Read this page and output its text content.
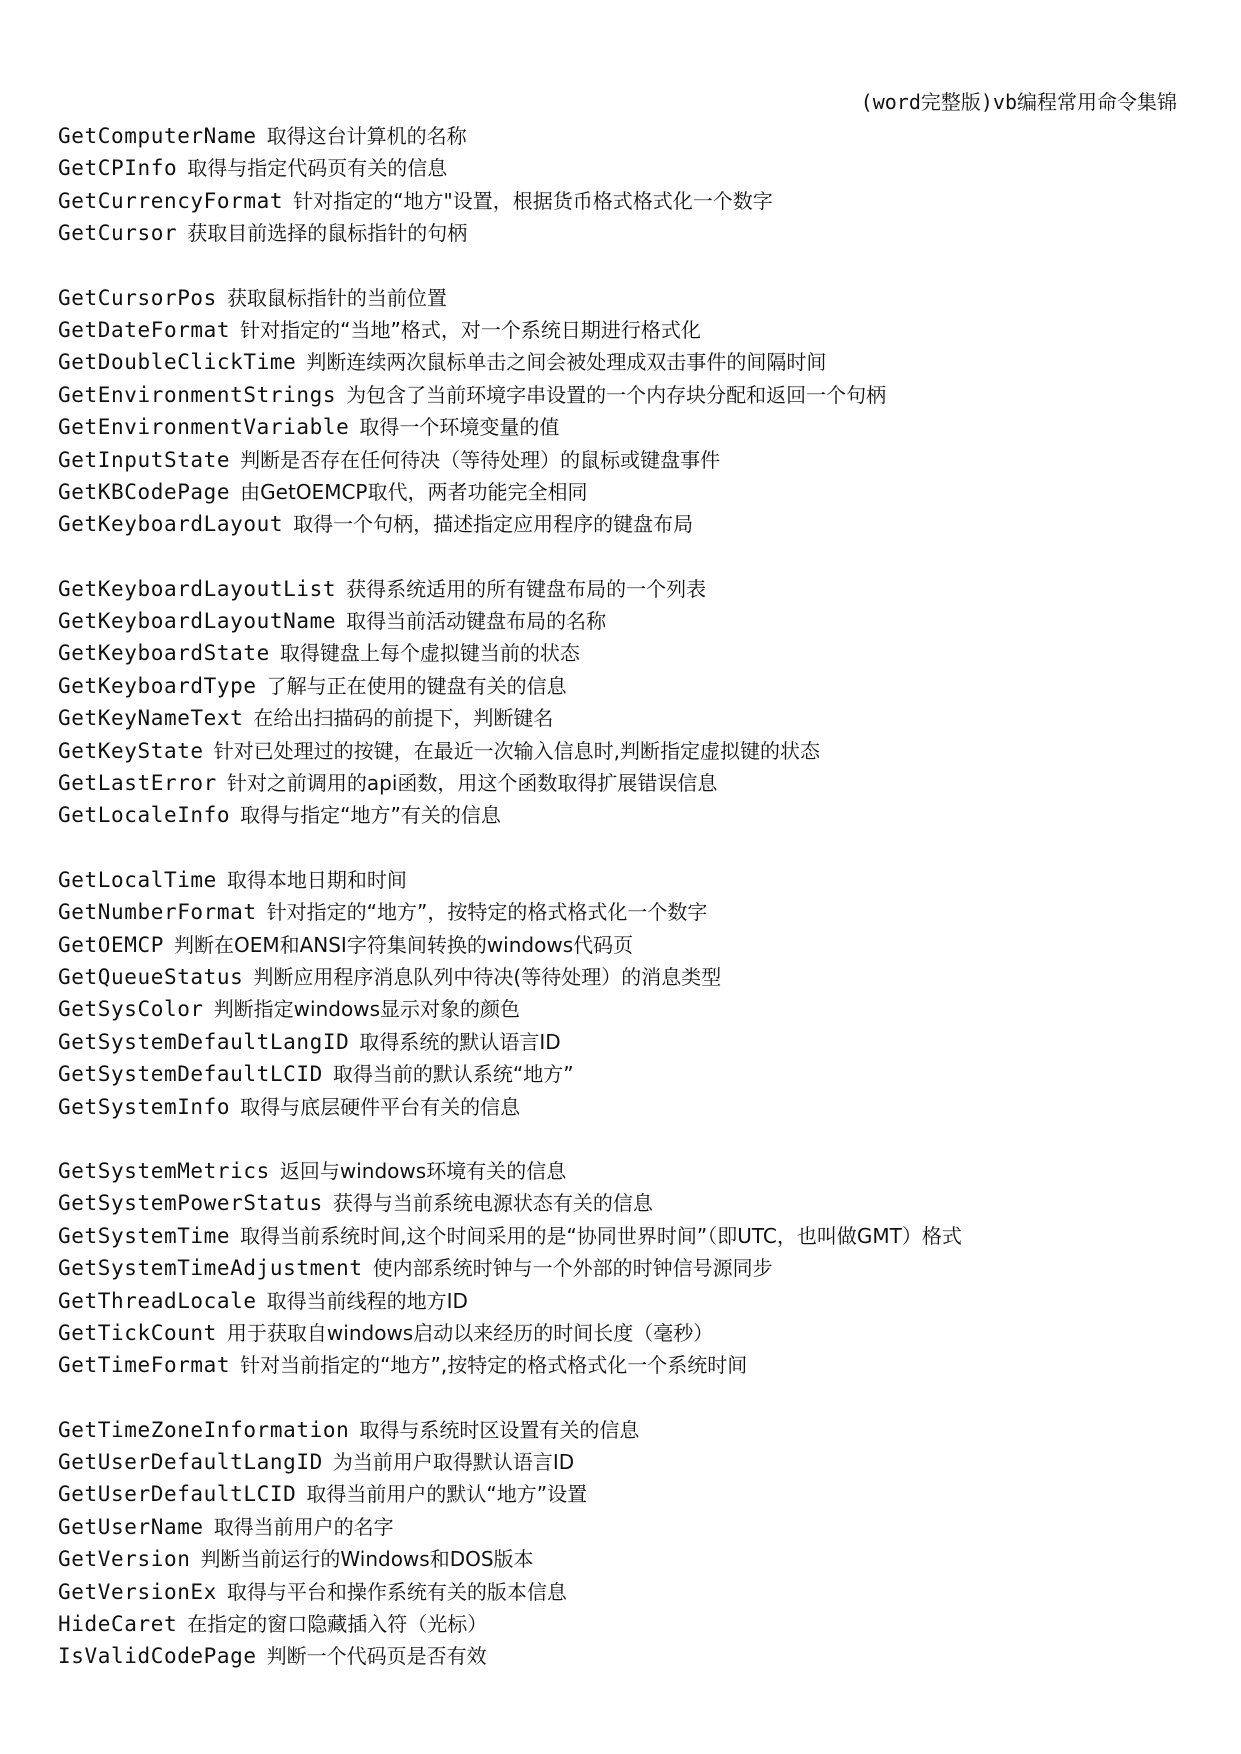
(word完整版)vb编程常用命令集锦
GetComputerName 取得这台计算机的名称
GetCPInfo 取得与指定代码页有关的信息
GetCurrencyFormat 针对指定的“地方"设置，根据货币格式格式化一个数字
GetCursor 获取目前选择的鼠标指针的句柄
GetCursorPos 获取鼠标指针的当前位置
GetDateFormat 针对指定的“当地”格式，对一个系统日期进行格式化
GetDoubleClickTime 判断连续两次鼠标单击之间会被处理成双击事件的间隔时间
GetEnvironmentStrings 为包含了当前环境字串设置的一个内存块分配和返回一个句柄
GetEnvironmentVariable 取得一个环境变量的值
GetInputState 判断是否存在任何待决（等待处理）的鼠标或键盘事件
GetKBCodePage 由GetOEMCP取代，两者功能完全相同
GetKeyboardLayout 取得一个句柄，描述指定应用程序的键盘布局
GetKeyboardLayoutList 获得系统适用的所有键盘布局的一个列表
GetKeyboardLayoutName 取得当前活动键盘布局的名称
GetKeyboardState 取得键盘上每个虚拟键当前的状态
GetKeyboardType 了解与正在使用的键盘有关的信息
GetKeyNameText 在给出扫描码的前提下，判断键名
GetKeyState 针对已处理过的按键，在最近一次输入信息时,判断指定虚拟键的状态
GetLastError 针对之前调用的api函数，用这个函数取得扩展错误信息
GetLocaleInfo 取得与指定“地方”有关的信息
GetLocalTime 取得本地日期和时间
GetNumberFormat 针对指定的“地方”，按特定的格式格式化一个数字
GetOEMCP 判断在OEM和ANSI字符集间转换的windows代码页
GetQueueStatus 判断应用程序消息队列中待决(等待处理）的消息类型
GetSysColor 判断指定windows显示对象的颜色
GetSystemDefaultLangID 取得系统的默认语言ID
GetSystemDefaultLCID 取得当前的默认系统“地方”
GetSystemInfo 取得与底层硬件平台有关的信息
GetSystemMetrics 返回与windows环境有关的信息
GetSystemPowerStatus 获得与当前系统电源状态有关的信息
GetSystemTime 取得当前系统时间,这个时间采用的是“协同世界时间”（即UTC，也叫做GMT）格式
GetSystemTimeAdjustment 使内部系统时钟与一个外部的时钟信号源同步
GetThreadLocale 取得当前线程的地方ID
GetTickCount 用于获取自windows启动以来经历的时间长度（毫秒）
GetTimeFormat 针对当前指定的“地方”,按特定的格式格式化一个系统时间
GetTimeZoneInformation 取得与系统时区设置有关的信息
GetUserDefaultLangID 为当前用户取得默认语言ID
GetUserDefaultLCID 取得当前用户的默认“地方”设置
GetUserName 取得当前用户的名字
GetVersion 判断当前运行的Windows和DOS版本
GetVersionEx 取得与平台和操作系统有关的版本信息
HideCaret 在指定的窗口隐藏插入符（光标）
IsValidCodePage 判断一个代码页是否有效
